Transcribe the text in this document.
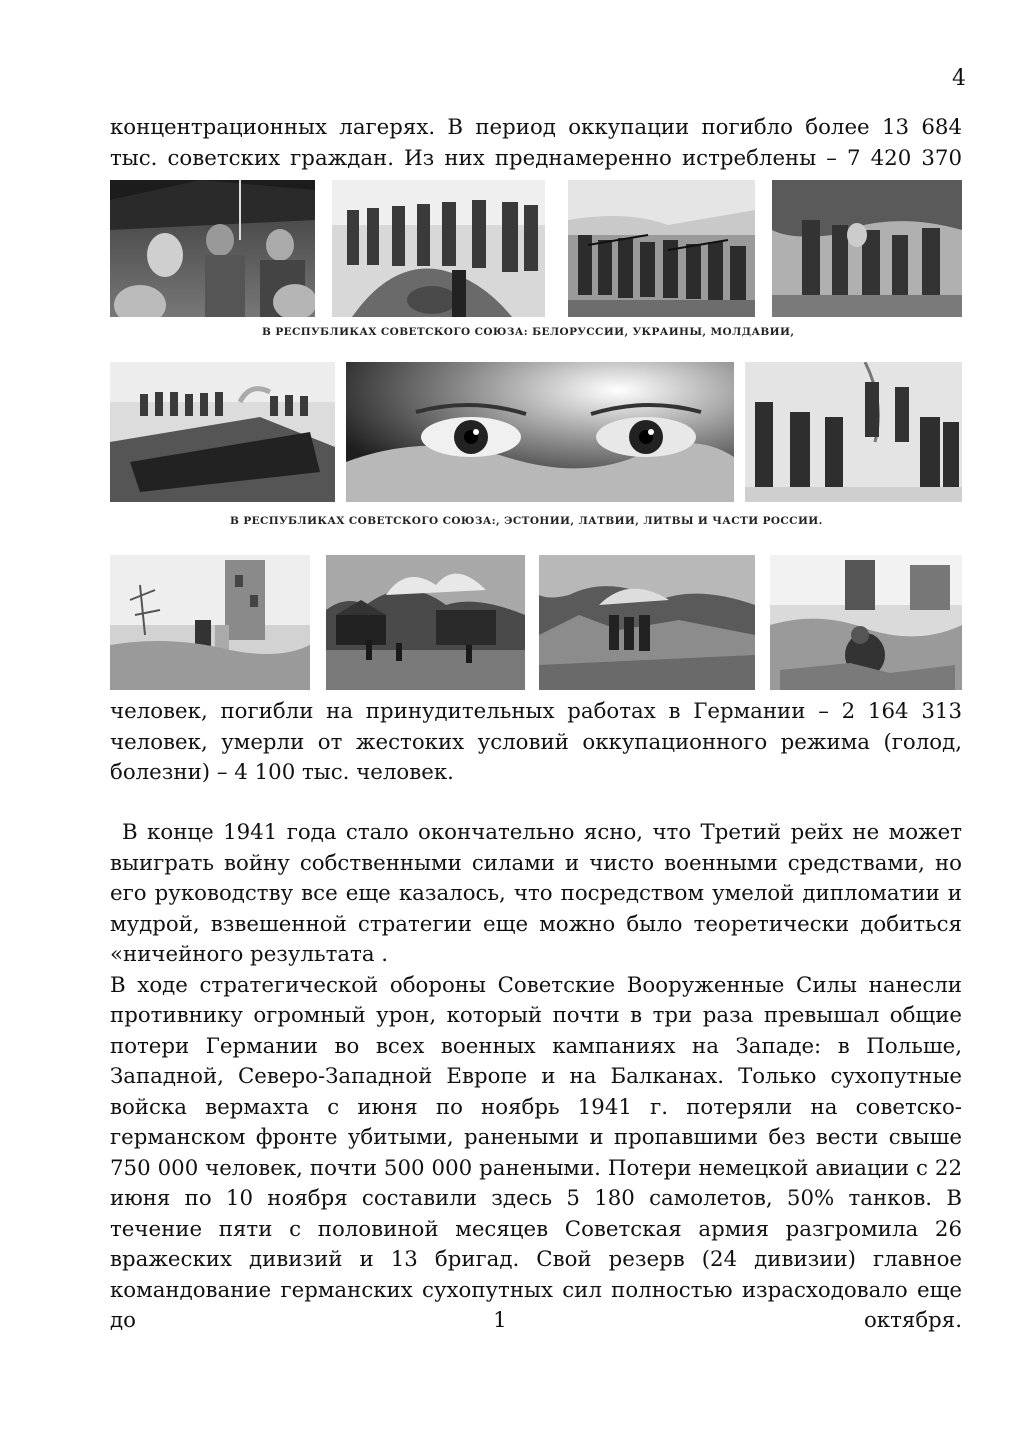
4

концентрационных лагерях. В период оккупации погибло более 13 684 тыс. советских граждан. Из них преднамеренно истреблены – 7 420 370

В РЕСПУБЛИКАХ СОВЕТСКОГО СОЮЗА: БЕЛОРУССИИ, УКРАИНЫ, МОЛДАВИИ,
В РЕСПУБЛИКАХ СОВЕТСКОГО СОЮЗА:, ЭСТОНИИ, ЛАТВИИ, ЛИТВЫ И ЧАСТИ РОССИИ.

человек, погибли на принудительных работах в Германии – 2 164 313 человек, умерли от жестоких условий оккупационного режима (голод, болезни) – 4 100 тыс. человек.

В конце 1941 года стало окончательно ясно, что Третий рейх не может выиграть войну собственными силами и чисто военными средствами, но его руководству все еще казалось, что посредством умелой дипломатии и мудрой, взвешенной стратегии еще можно было теоретически добиться «ничейного результата .

В ходе стратегической обороны Советские Вооруженные Силы нанесли противнику огромный урон, который почти в три раза превышал общие потери Германии во всех военных кампаниях на Западе: в Польше, Западной, Северо-Западной Европе и на Балканах. Только сухопутные войска вермахта с июня по ноябрь 1941 г. потеряли на советско-германском фронте убитыми, ранеными и пропавшими без вести свыше 750 000 человек, почти 500 000 ранеными. Потери немецкой авиации с 22 июня по 10 ноября составили здесь 5 180 самолетов, 50% танков. В течение пяти с половиной месяцев Советская армия разгромила 26 вражеских дивизий и 13 бригад. Свой резерв (24 дивизии) главное командование германских сухопутных сил полностью израсходовало еще до 1 октября.
